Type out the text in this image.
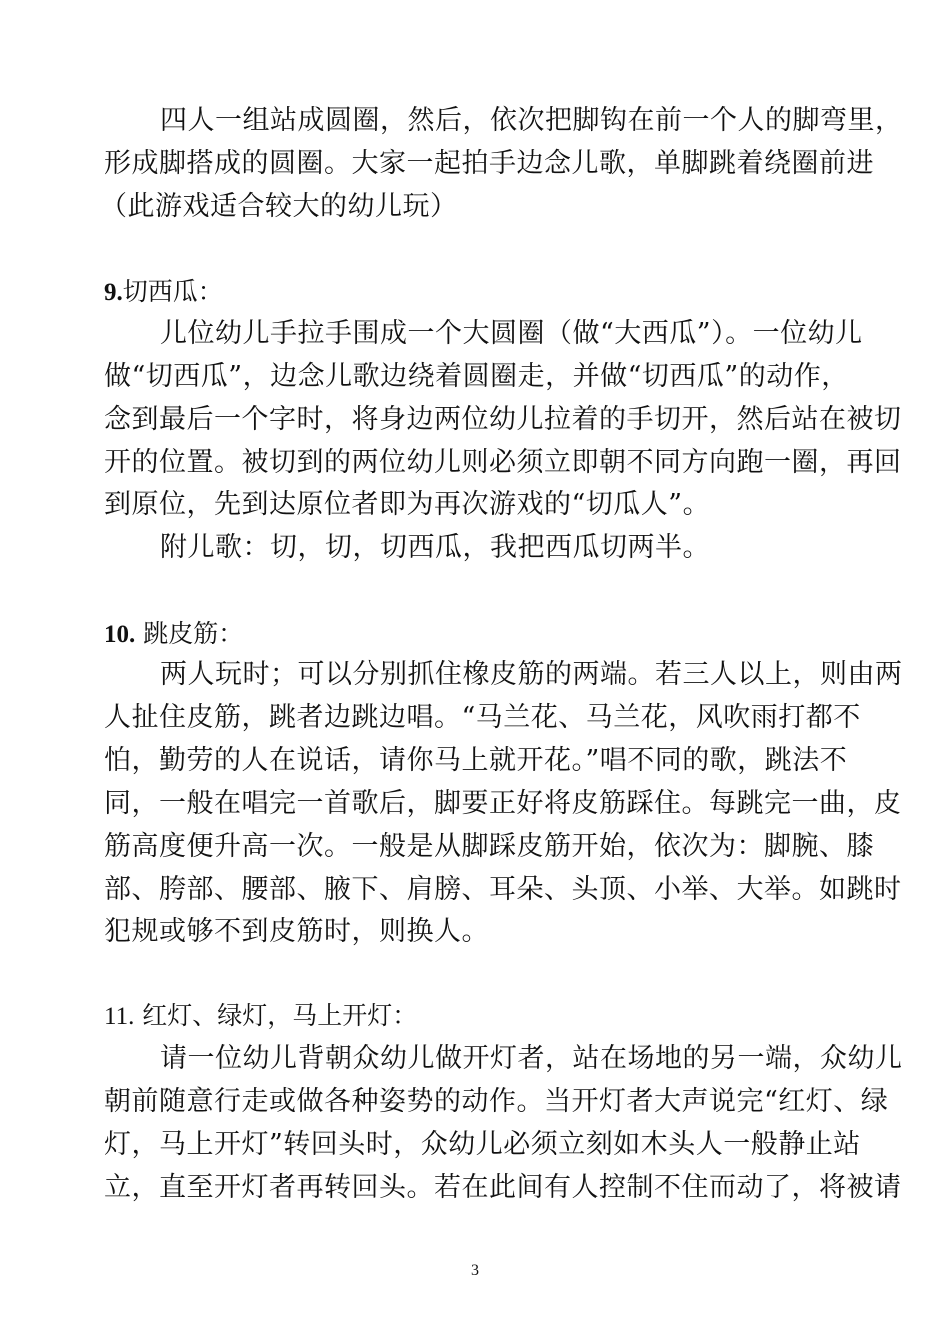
四人一组站成圆圈，然后，依次把脚钩在前一个人的脚弯里，
形成脚搭成的圆圈。大家一起拍手边念儿歌，单脚跳着绕圈前进
（此游戏适合较大的幼儿玩）
9.切西瓜：
儿位幼儿手拉手围成一个大圆圈（做“大西瓜”）。一位幼儿
做“切西瓜”，边念儿歌边绕着圆圈走，并做“切西瓜”的动作，
念到最后一个字时，将身边两位幼儿拉着的手切开，然后站在被切
开的位置。被切到的两位幼儿则必须立即朝不同方向跑一圈，再回
到原位，先到达原位者即为再次游戏的“切瓜人”。
附儿歌：切，切，切西瓜，我把西瓜切两半。
10. 跳皮筋：
两人玩时；可以分别抓住橡皮筋的两端。若三人以上，则由两
人扯住皮筋，跳者边跳边唱。“马兰花、马兰花，风吹雨打都不
怕，勤劳的人在说话，请你马上就开花。”唱不同的歌，跳法不
同，一般在唱完一首歌后，脚要正好将皮筋踩住。每跳完一曲，皮
筋高度便升高一次。一般是从脚踩皮筋开始，依次为：脚腕、膝
部、胯部、腰部、腋下、肩膀、耳朵、头顶、小举、大举。如跳时
犯规或够不到皮筋时，则换人。
11. 红灯、绿灯，马上开灯：
请一位幼儿背朝众幼儿做开灯者，站在场地的另一端，众幼儿
朝前随意行走或做各种姿势的动作。当开灯者大声说完“红灯、绿
灯，马上开灯”转回头时，众幼儿必须立刻如木头人一般静止站
立，直至开灯者再转回头。若在此间有人控制不住而动了，将被请
3
